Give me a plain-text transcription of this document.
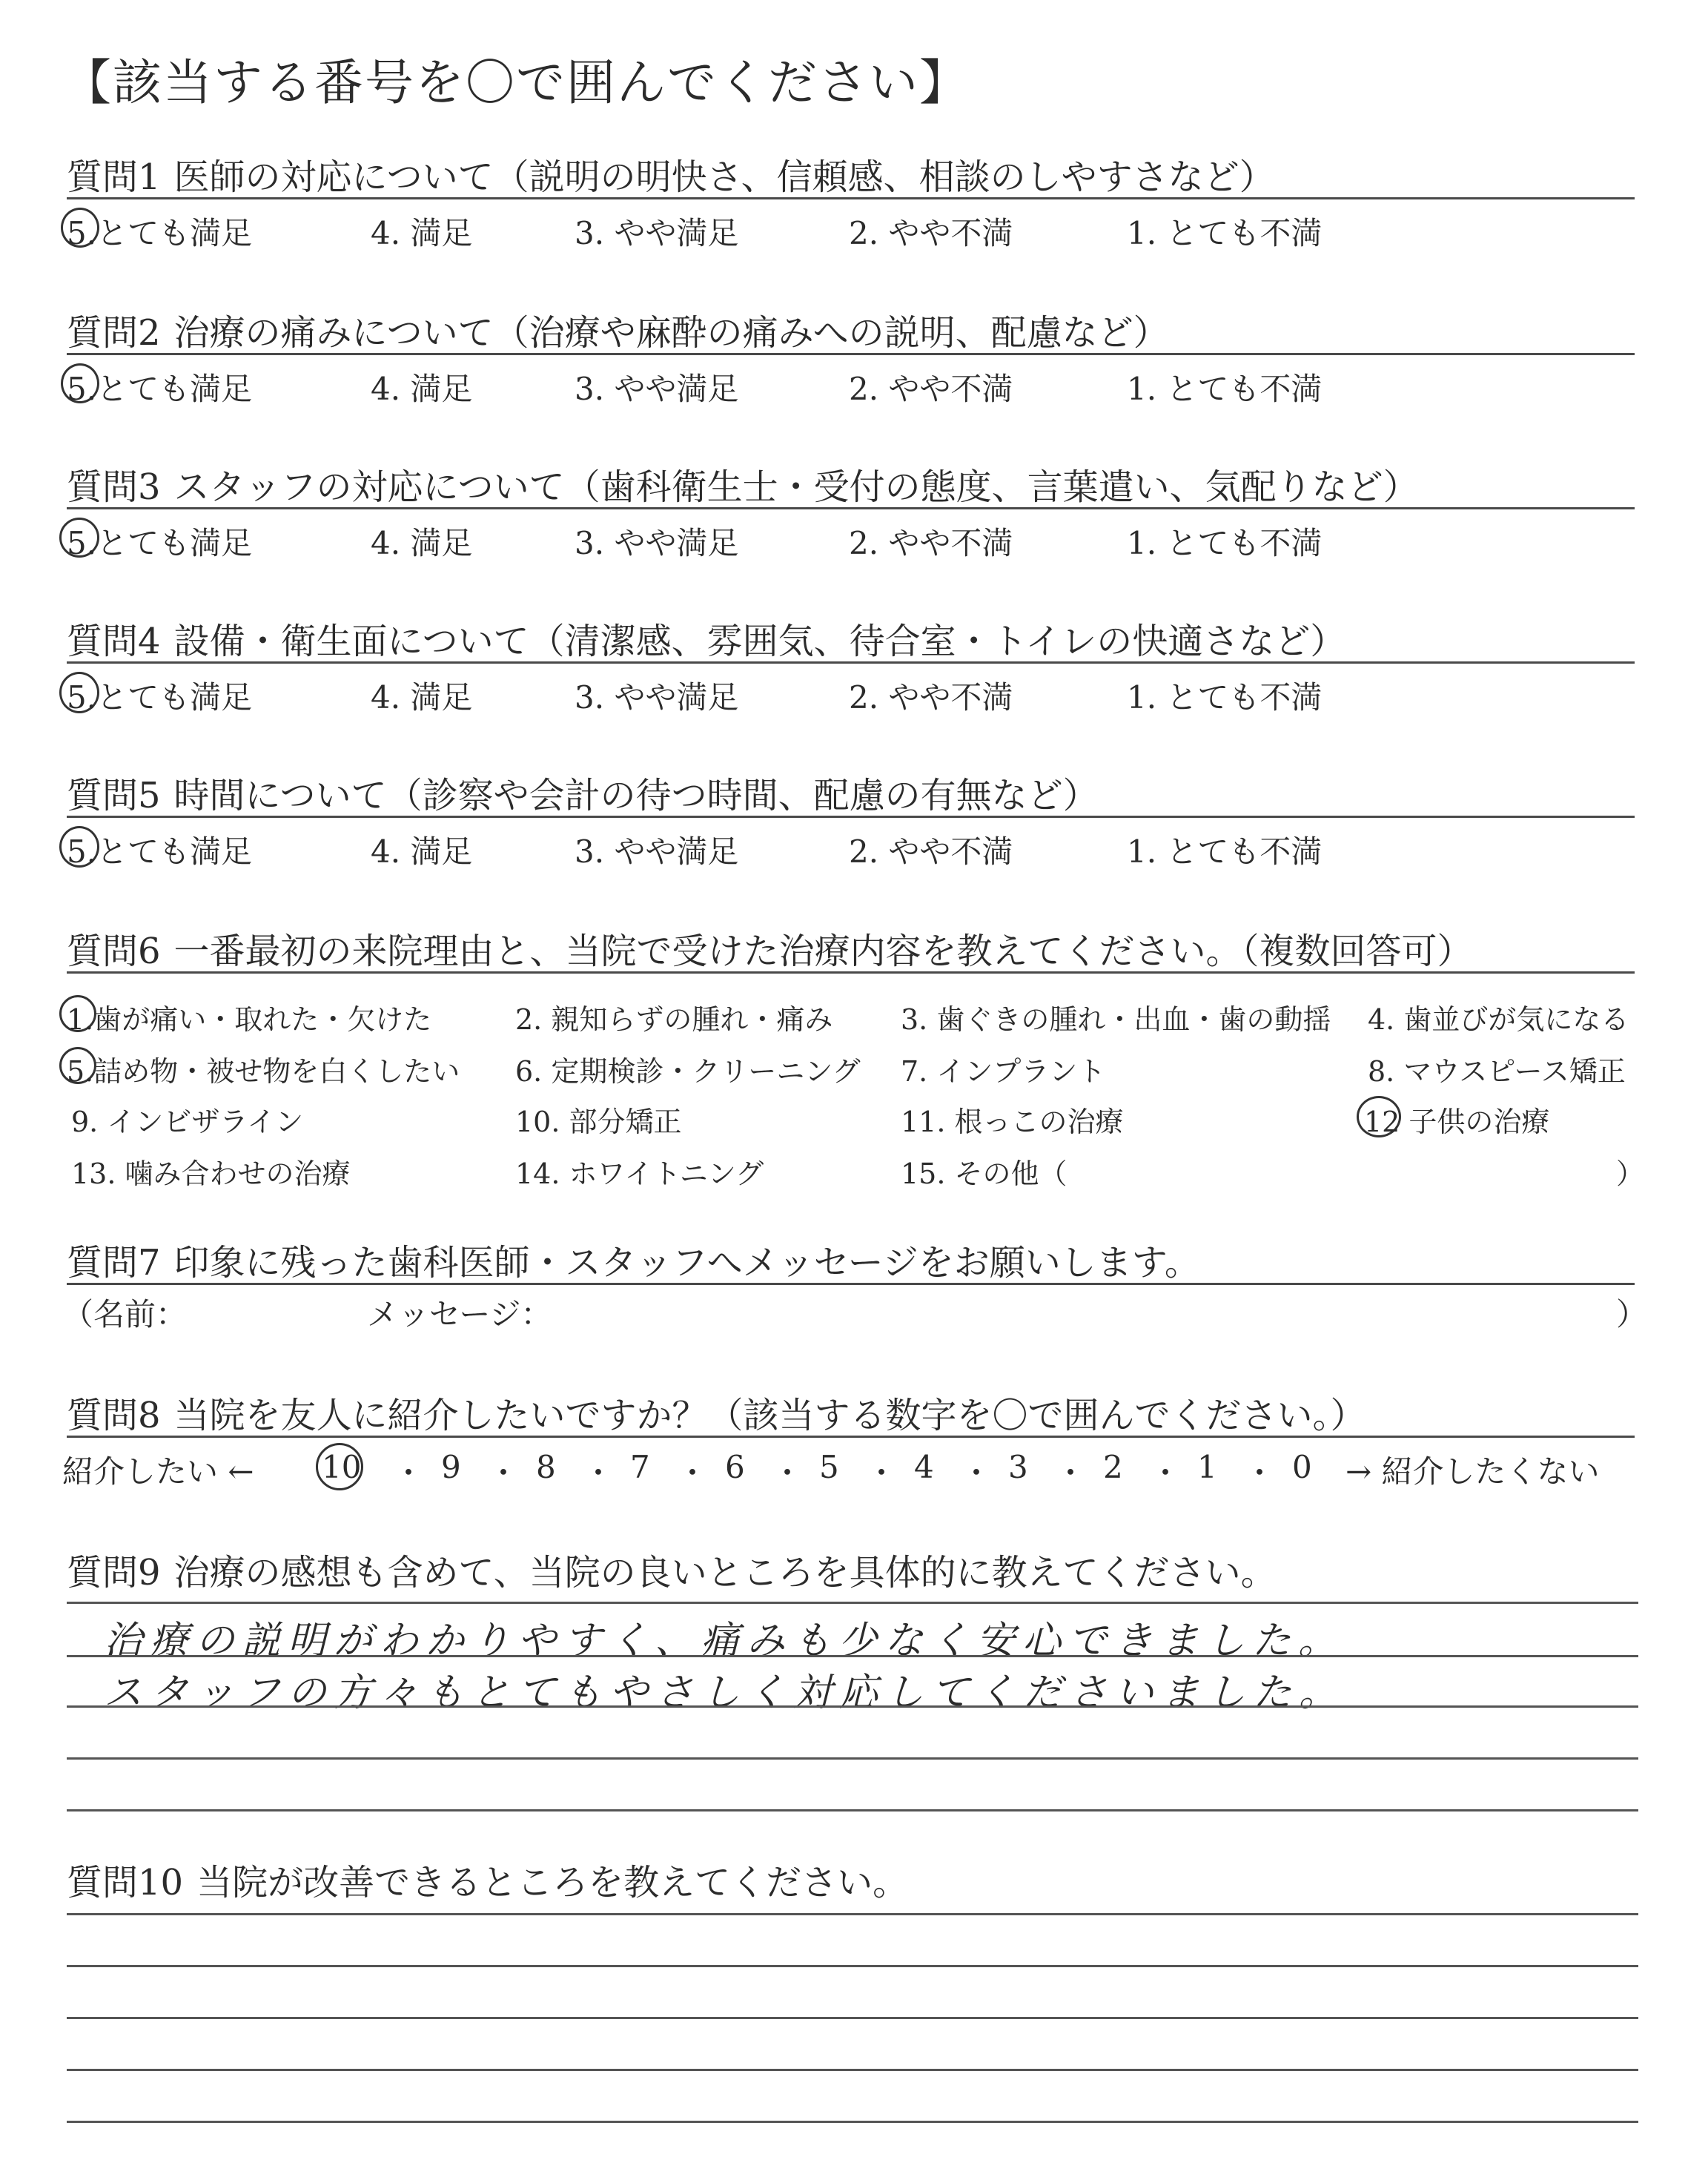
【該当する番号を〇で囲んでください】
質問1 医師の対応について（説明の明快さ、信頼感、相談のしやすさなど）
5.とても満足	4. 満足	3. やや満足	2. やや不満	1. とても不満
質問2 治療の痛みについて（治療や麻酔の痛みへの説明、配慮など）
5.とても満足	4. 満足	3. やや満足	2. やや不満	1. とても不満
質問3 スタッフの対応について（歯科衛生士・受付の態度、言葉遣い、気配りなど）
5.とても満足	4. 満足	3. やや満足	2. やや不満	1. とても不満
質問4 設備・衛生面について（清潔感、雰囲気、待合室・トイレの快適さなど）
5.とても満足	4. 満足	3. やや満足	2. やや不満	1. とても不満
質問5 時間について（診察や会計の待つ時間、配慮の有無など）
5.とても満足	4. 満足	3. やや満足	2. やや不満	1. とても不満
質問6 一番最初の来院理由と、当院で受けた治療内容を教えてください。（複数回答可）
1.歯が痛い・取れた・欠けた	2. 親知らずの腫れ・痛み 3. 歯ぐきの腫れ・出血・歯の動揺 4. 歯並びが気になる
5.詰め物・被せ物を白くしたい 6. 定期検診・クリーニング 7. インプラント	8. マウスピース矯正
9. インビザライン	10. 部分矯正	11. 根っこの治療	12 子供の治療
13. 噛み合わせの治療	14. ホワイトニング	15. その他（	）
質問7 印象に残った歯科医師・スタッフへメッセージをお願いします。
（名前：	メッセージ：	）
質問8 当院を友人に紹介したいですか？（該当する数字を〇で囲んでください。）
紹介したい ← 10 ・ 9 ・ 8 ・ 7 ・ 6 ・ 5 ・ 4 ・ 3 ・ 2 ・ 1 ・ 0 → 紹介したくない
質問9 治療の感想も含めて、当院の良いところを具体的に教えてください。
治療の説明がわかりやすく、痛みも少なく安心できました。
スタッフの方々もとてもやさしく対応してくださいました。
質問10 当院が改善できるところを教えてください。
